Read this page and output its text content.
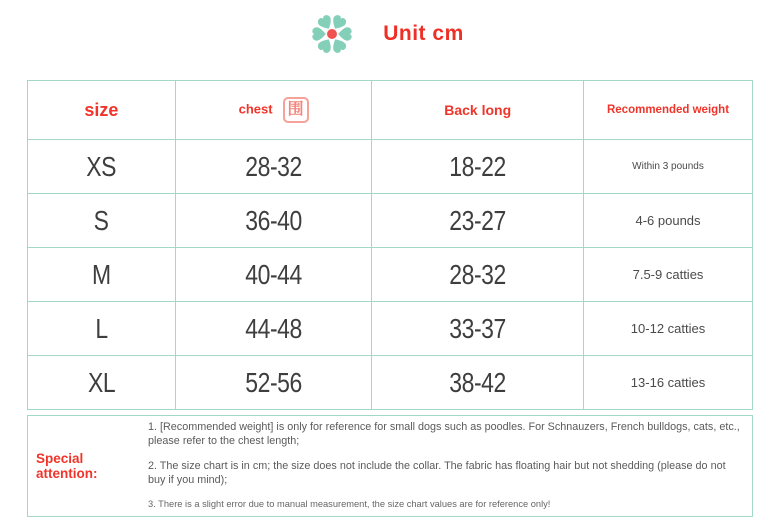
Unit cm
size	chest 围	Back long	Recommended weight
XS	28-32	18-22	Within 3 pounds
S	36-40	23-27	4-6 pounds
M	40-44	28-32	7.5-9 catties
L	44-48	33-37	10-12 catties
XL	52-56	38-42	13-16 catties
Special attention:

1. [Recommended weight] is only for reference for small dogs such as poodles. For Schnauzers, French bulldogs, cats, etc., please refer to the chest length;

2. The size chart is in cm; the size does not include the collar. The fabric has floating hair but not shedding (please do not buy if you mind);

3. There is a slight error due to manual measurement, the size chart values are for reference only!
